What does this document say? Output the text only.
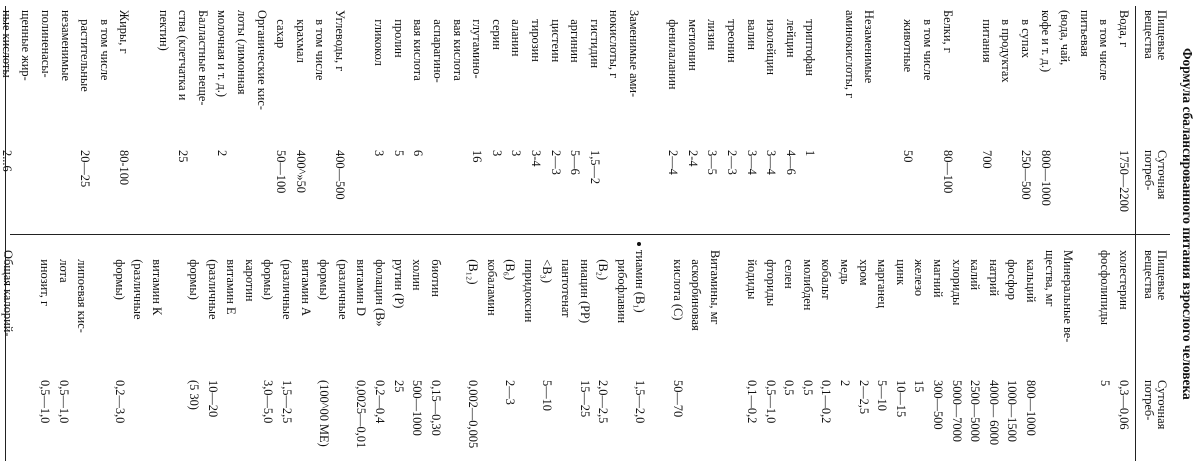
Формула сбалансированного питания взрослого человека
Пищевые
вещества
Суточная
потреб-
Пищевые
вещества
Суточная
потреб-
Вода, г
1750—2200
в том числе
питьевая
(вода, чай,
кофе и т. д.)
800—1000
в супах
250—500
в продуктах
питания
700
Белки, г
80—100
в том числе
животные
50
Незаменимые
аминокислоты, г
триптофан
1
лейцин
4—6
изолейцин
3—4
валин
3—4
треонин
2—3
лизин
3—5
метионин
2-4
фенилаланин
2—4
Заменимые ами-
нокислоты, г
гистидин
1,5—2
аргинин
5—6
цистеин
2—3
тирозин
3-4
аланин
3
серин
3
глутамино-
16
вая кислота
аспарагино-
вая кислота
6
пролин
5
гликокол
3
Углеводы, г
400—500
в том числе
крахмал
400^»50
сахар
50—100
Органические кис-
лоты (лимонная
молочная и т. д.)
2
Балластные веще-
ства (клетчатка и
25
пектин)
Жиры, г
80-100
в том числе
растительные
20—25
незаменимые
полиненасы-
щенные жир-
ные кислоты
2...6
холестерин
0,3—0,06
фосфолипиды
5
Минеральные ве-
щества, мг
кальций
800—1000
фосфор
1000—1500
натрий
4000— 6000
калий
2500—5000
хлориды
5000—7000
магний
300—500
железо
15
цинк
10—15
марганец
5—10
хром
2—2,5
медь
2
кобальт
0,1—0,2
молибден
0,5
селен
0,5
фториды
0,5—1,0
йодиды
0,1—0,2
Витамины, мг
аскорбиновая
кислота (С)
50—70
тиамин (В₁)
1,5—2,0
рибофлавин
(В₂)
2,0—2,5
ниацин (РР)
15—25
пантотенат
<В₃)
5—10
пиридоксин
(В₆)
2—3
кобаламин
(В₁₂)
0,002—0,005
биотин
0,15—0,30
холин
500—1000
рутин (Р)
25
фолацин (В»
0,2—0,4
витамин D
0,0025—0,01
(различные
формы)
(100^00 МЕ)
витамин А
(различные
1,5—2,5
формы)
3,0—5,0
каротин
витамин Е
(различные
10—20
формы)
(5 30)
витамин К
(различные
формы)
0,2—3,0
липоевая кис-
лота
0,5—1,0
инозит, г
0,5—1,0
Общая калорий-
